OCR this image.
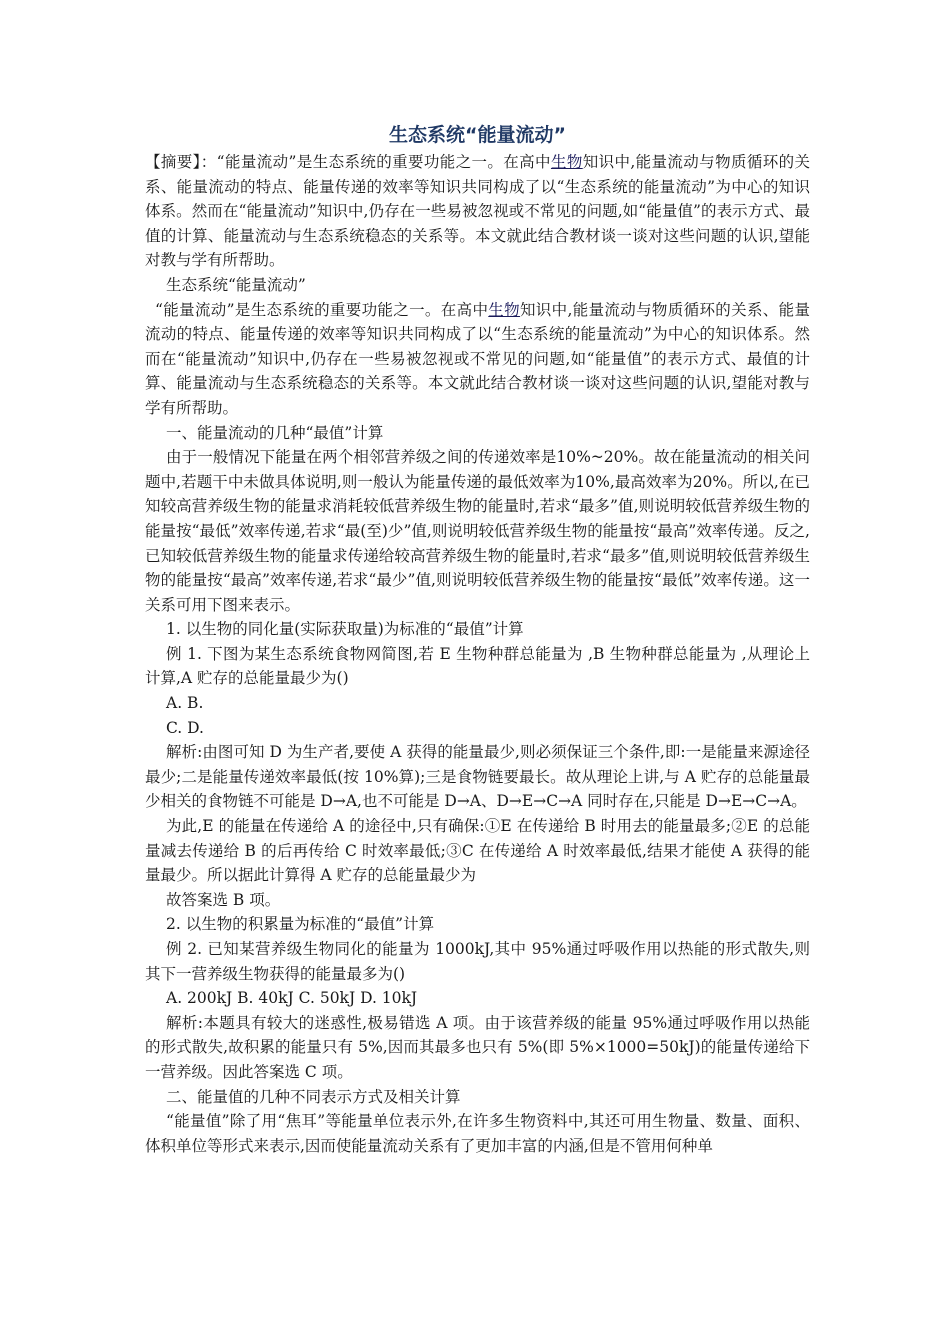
生态系统“能量流动”

【摘要】：“能量流动”是生态系统的重要功能之一。在高中生物知识中,能量流动与物质循环的关系、能量流动的特点、能量传递的效率等知识共同构成了以“生态系统的能量流动”为中心的知识体系。然而在“能量流动”知识中,仍存在一些易被忽视或不常见的问题,如“能量值”的表示方式、最值的计算、能量流动与生态系统稳态的关系等。本文就此结合教材谈一谈对这些问题的认识,望能对教与学有所帮助。

生态系统“能量流动”

“能量流动”是生态系统的重要功能之一。在高中生物知识中,能量流动与物质循环的关系、能量流动的特点、能量传递的效率等知识共同构成了以“生态系统的能量流动”为中心的知识体系。然而在“能量流动”知识中,仍存在一些易被忽视或不常见的问题,如“能量值”的表示方式、最值的计算、能量流动与生态系统稳态的关系等。本文就此结合教材谈一谈对这些问题的认识,望能对教与学有所帮助。

一、能量流动的几种“最值”计算

由于一般情况下能量在两个相邻营养级之间的传递效率是10%~20%。故在能量流动的相关问题中,若题干中未做具体说明,则一般认为能量传递的最低效率为10%,最高效率为20%。所以,在已知较高营养级生物的能量求消耗较低营养级生物的能量时,若求“最多”值,则说明较低营养级生物的能量按“最低”效率传递,若求“最(至)少”值,则说明较低营养级生物的能量按“最高”效率传递。反之,已知较低营养级生物的能量求传递给较高营养级生物的能量时,若求“最多”值,则说明较低营养级生物的能量按“最高”效率传递,若求“最少”值,则说明较低营养级生物的能量按“最低”效率传递。这一关系可用下图来表示。

1. 以生物的同化量(实际获取量)为标准的“最值”计算

例 1. 下图为某生态系统食物网简图,若 E 生物种群总能量为 ,B 生物种群总能量为 ,从理论上计算,A 贮存的总能量最少为()

A. B.

C. D.

解析:由图可知 D 为生产者,要使 A 获得的能量最少,则必须保证三个条件,即:一是能量来源途径最少;二是能量传递效率最低(按 10%算);三是食物链要最长。故从理论上讲,与 A 贮存的总能量最少相关的食物链不可能是 D→A,也不可能是 D→A、D→E→C→A 同时存在,只能是 D→E→C→A。

为此,E 的能量在传递给 A 的途径中,只有确保:①E 在传递给 B 时用去的能量最多;②E 的总能量减去传递给 B 的后再传给 C 时效率最低;③C 在传递给 A 时效率最低,结果才能使 A 获得的能量最少。所以据此计算得 A 贮存的总能量最少为

故答案选 B 项。

2. 以生物的积累量为标准的“最值”计算

例 2. 已知某营养级生物同化的能量为 1000kJ,其中 95%通过呼吸作用以热能的形式散失,则其下一营养级生物获得的能量最多为()

A. 200kJ B. 40kJ C. 50kJ D. 10kJ

解析:本题具有较大的迷惑性,极易错选 A 项。由于该营养级的能量 95%通过呼吸作用以热能的形式散失,故积累的能量只有 5%,因而其最多也只有 5%(即 5%×1000=50kJ)的能量传递给下一营养级。因此答案选 C 项。

二、能量值的几种不同表示方式及相关计算

“能量值”除了用“焦耳”等能量单位表示外,在许多生物资料中,其还可用生物量、数量、面积、体积单位等形式来表示,因而使能量流动关系有了更加丰富的内涵,但是不管用何种单
